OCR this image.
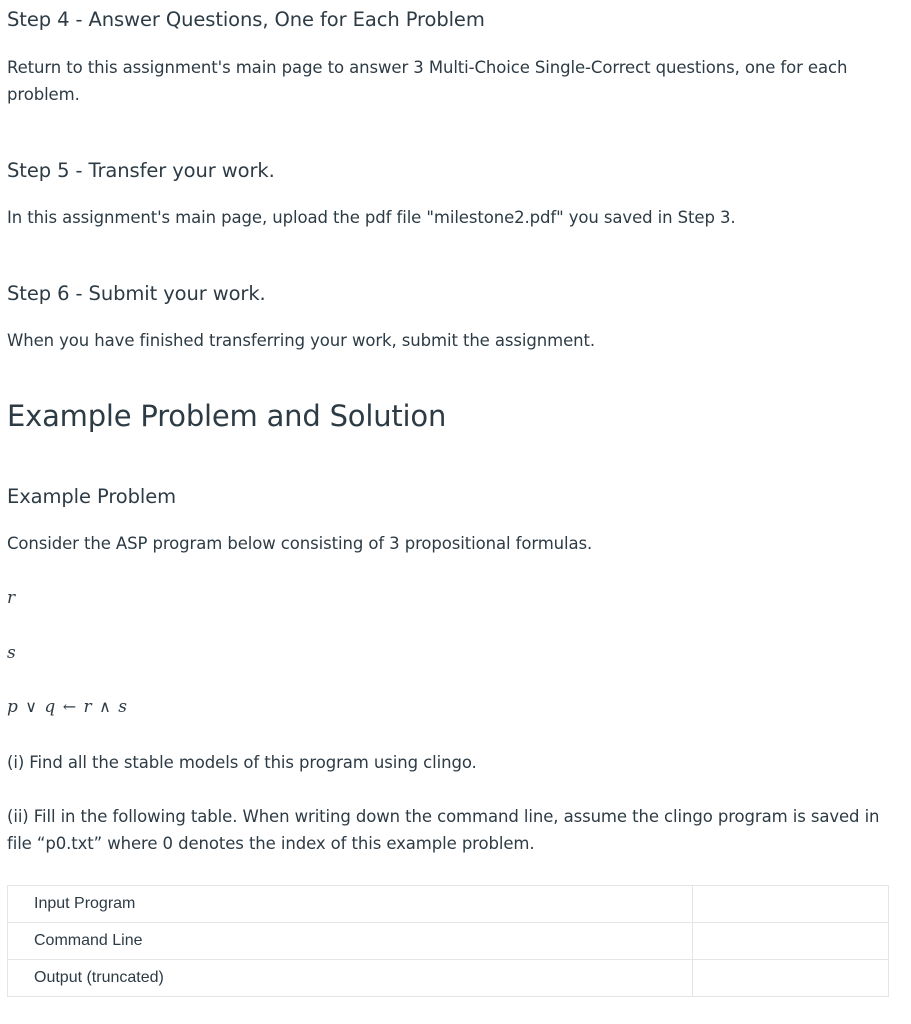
Step 4 - Answer Questions, One for Each Problem

Return to this assignment's main page to answer 3 Multi-Choice Single-Correct questions, one for each problem.

Step 5 - Transfer your work.

In this assignment's main page, upload the pdf file "milestone2.pdf" you saved in Step 3.

Step 6 - Submit your work.

When you have finished transferring your work, submit the assignment.

Example Problem and Solution
Example Problem

Consider the ASP program below consisting of 3 propositional formulas.

r
s
p ∨ q ← r ∧ s

(i) Find all the stable models of this program using clingo.

(ii) Fill in the following table. When writing down the command line, assume the clingo program is saved in file “p0.txt” where 0 denotes the index of this example problem.

Input Program	
Command Line	
Output (truncated)	
